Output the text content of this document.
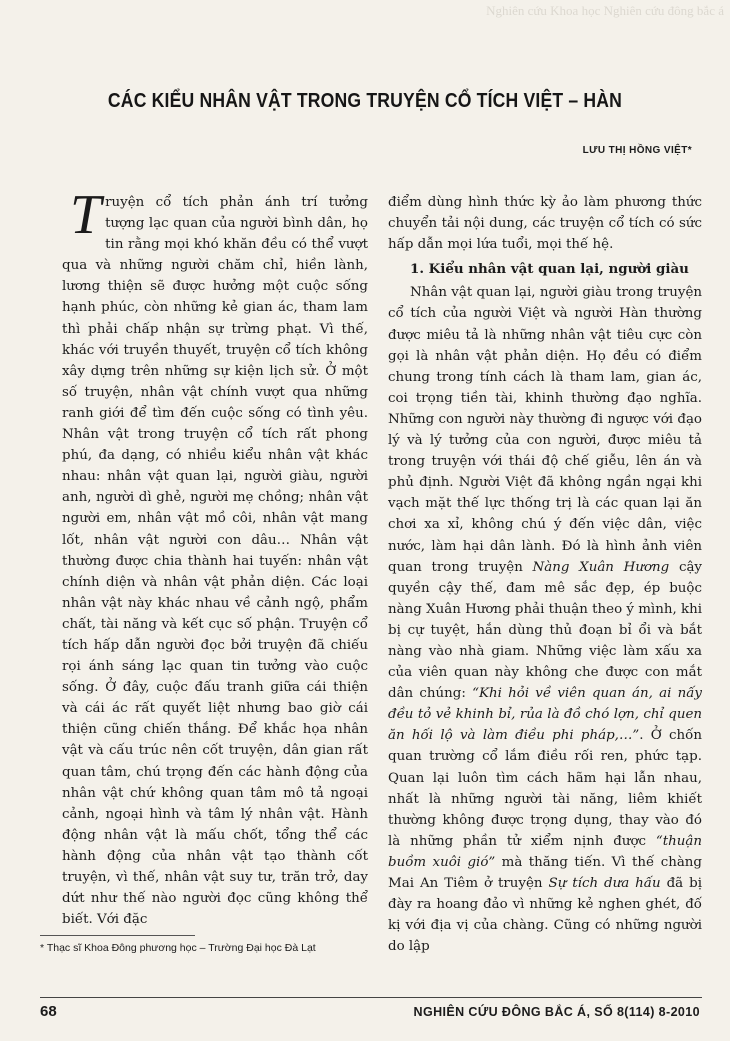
Nghiên cứu Khoa học Nghiên cứu đông bắc á
CÁC KIỂU NHÂN VẬT TRONG TRUYỆN CỔ TÍCH VIỆT – HÀN
LƯU THỊ HỒNG VIỆT*

Truyện cổ tích phản ánh trí tưởng tượng lạc quan của người bình dân, họ tin rằng mọi khó khăn đều có thể vượt qua và những người chăm chỉ, hiền lành, lương thiện sẽ được hưởng một cuộc sống hạnh phúc, còn những kẻ gian ác, tham lam thì phải chấp nhận sự trừng phạt. Vì thế, khác với truyền thuyết, truyện cổ tích không xây dựng trên những sự kiện lịch sử. Ở một số truyện, nhân vật chính vượt qua những ranh giới để tìm đến cuộc sống có tình yêu. Nhân vật trong truyện cổ tích rất phong phú, đa dạng, có nhiều kiểu nhân vật khác nhau: nhân vật quan lại, người giàu, người anh, người dì ghẻ, người mẹ chồng; nhân vật người em, nhân vật mồ côi, nhân vật mang lốt, nhân vật người con dâu… Nhân vật thường được chia thành hai tuyến: nhân vật chính diện và nhân vật phản diện. Các loại nhân vật này khác nhau về cảnh ngộ, phẩm chất, tài năng và kết cục số phận. Truyện cổ tích hấp dẫn người đọc bởi truyện đã chiếu rọi ánh sáng lạc quan tin tưởng vào cuộc sống. Ở đây, cuộc đấu tranh giữa cái thiện và cái ác rất quyết liệt nhưng bao giờ cái thiện cũng chiến thắng. Để khắc họa nhân vật và cấu trúc nên cốt truyện, dân gian rất quan tâm, chú trọng đến các hành động của nhân vật chứ không quan tâm mô tả ngoại cảnh, ngoại hình và tâm lý nhân vật. Hành động nhân vật là mấu chốt, tổng thể các hành động của nhân vật tạo thành cốt truyện, vì thế, nhân vật suy tư, trăn trở, day dứt như thế nào người đọc cũng không thể biết. Với đặc

điểm dùng hình thức kỳ ảo làm phương thức chuyển tải nội dung, các truyện cổ tích có sức hấp dẫn mọi lứa tuổi, mọi thế hệ.

1. Kiểu nhân vật quan lại, người giàu

Nhân vật quan lại, người giàu trong truyện cổ tích của người Việt và người Hàn thường được miêu tả là những nhân vật tiêu cực còn gọi là nhân vật phản diện. Họ đều có điểm chung trong tính cách là tham lam, gian ác, coi trọng tiền tài, khinh thường đạo nghĩa. Những con người này thường đi ngược với đạo lý và lý tưởng của con người, được miêu tả trong truyện với thái độ chế giễu, lên án và phủ định. Người Việt đã không ngần ngại khi vạch mặt thế lực thống trị là các quan lại ăn chơi xa xỉ, không chú ý đến việc dân, việc nước, làm hại dân lành. Đó là hình ảnh viên quan trong truyện Nàng Xuân Hương cậy quyền cậy thế, đam mê sắc đẹp, ép buộc nàng Xuân Hương phải thuận theo ý mình, khi bị cự tuyệt, hắn dùng thủ đoạn bỉ ổi và bắt nàng vào nhà giam. Những việc làm xấu xa của viên quan này không che được con mắt dân chúng: “Khi hỏi về viên quan án, ai nấy đều tỏ vẻ khinh bỉ, rủa là đồ chó lợn, chỉ quen ăn hối lộ và làm điều phi pháp,…”. Ở chốn quan trường cổ lắm điều rối ren, phức tạp. Quan lại luôn tìm cách hãm hại lẫn nhau, nhất là những người tài năng, liêm khiết thường không được trọng dụng, thay vào đó là những phần tử xiểm nịnh được “thuận buồm xuôi gió” mà thăng tiến. Vì thế chàng Mai An Tiêm ở truyện Sự tích dưa hấu đã bị đày ra hoang đảo vì những kẻ nghen ghét, đố kị với địa vị của chàng. Cũng có những người do lập

* Thạc sĩ Khoa Đông phương học – Trường Đại học Đà Lạt
68	NGHIÊN CỨU ĐÔNG BẮC Á, SỐ 8(114) 8-2010
